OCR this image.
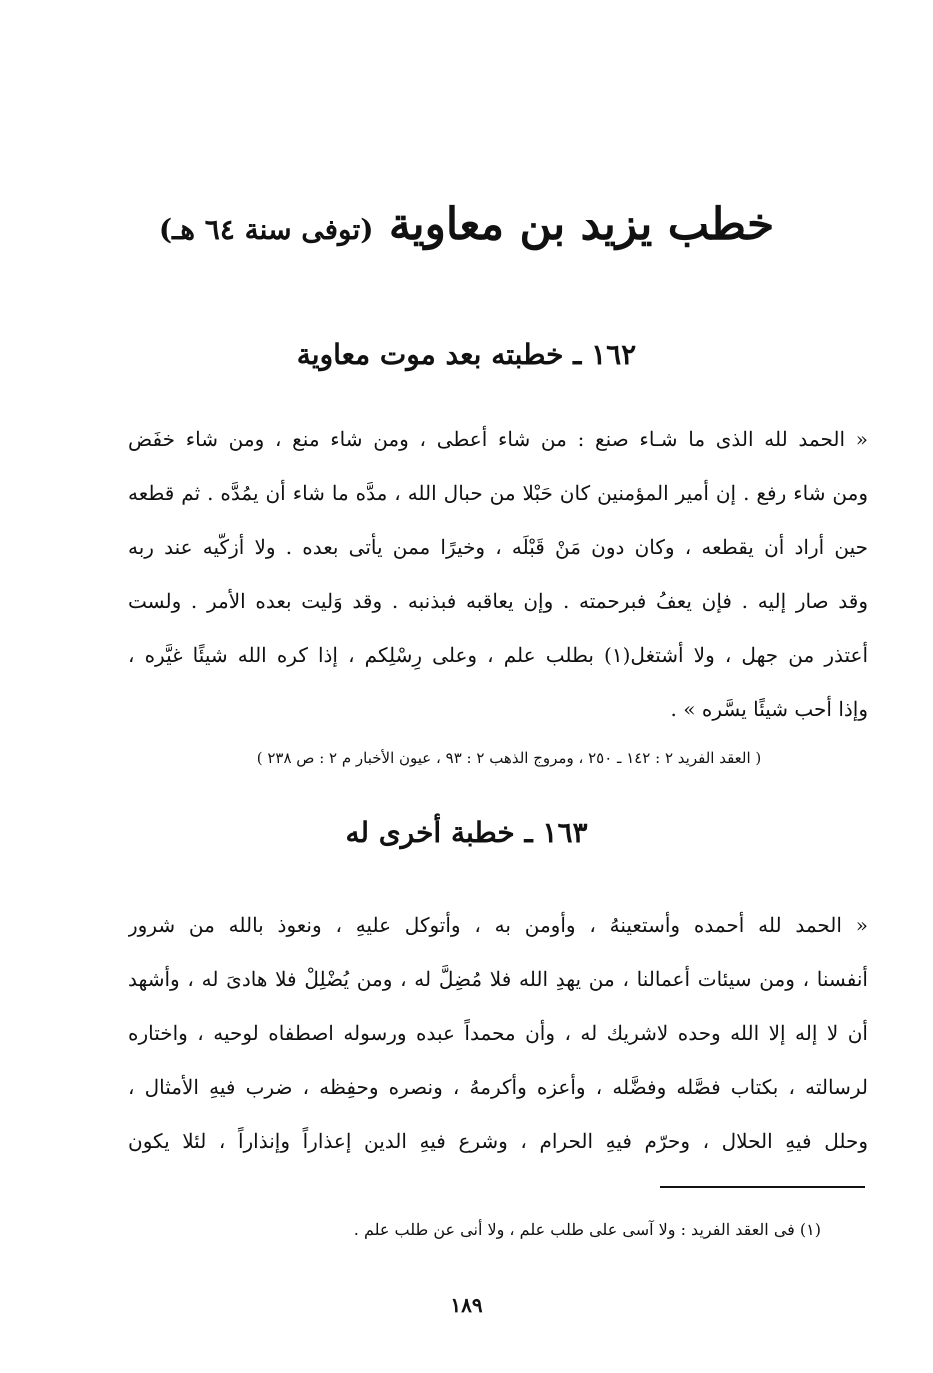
خطب يزيد بن معاوية (توفى سنة ٦٤ هـ)
١٦٢ ـ خطبته بعد موت معاوية
« الحمد لله الذى ما شـاء صنع : من شاء أعطى ، ومن شاء منع ، ومن شاء خفَض
ومن شاء رفع . إن أمير المؤمنين كان حَبْلا من حبال الله ، مدَّه ما شاء أن يمُدَّه . ثم قطعه
حين أراد أن يقطعه ، وكان دون مَنْ قَبْلَه ، وخيرًا ممن يأتى بعده . ولا أزكّيه عند ربه
وقد صار إليه . فإن يعفُ فبرحمته . وإن يعاقبه فبذنبه . وقد وَليت بعده الأمر . ولست
أعتذر من جهل ، ولا أشتغل(١) بطلب علم ، وعلى رِسْلِكم ، إذا كره الله شيئًا غيَّره ،
وإذا أحب شيئًا يسَّره » .
( العقد الفريد ٢ : ١٤٢ ـ ٢٥٠ ، ومروج الذهب ٢ : ٩٣ ، عيون الأخبار م ٢ : ص ٢٣٨ )
١٦٣ ـ خطبة أخرى له
« الحمد لله أحمده وأستعينهُ ، وأومن به ، وأتوكل عليهِ ، ونعوذ بالله من شرور
أنفسنا ، ومن سيئات أعمالنا ، من يهدِ الله فلا مُضِلَّ له ، ومن يُضْلِلْ فلا هادىَ له ، وأشهد
أن لا إله إلا الله وحده لاشريك له ، وأن محمداً عبده ورسوله اصطفاه لوحيه ، واختاره
لرسالته ، بكتاب فصَّله وفضَّله ، وأعزه وأكرمهُ ، ونصره وحفِظه ، ضرب فيهِ الأمثال ،
وحلل فيهِ الحلال ، وحرّم فيهِ الحرام ، وشرع فيهِ الدين إعذاراً وإنذاراً ، لئلا يكون
(١) فى العقد الفريد : ولا آسى على طلب علم ، ولا أنى عن طلب علم .
١٨٩
